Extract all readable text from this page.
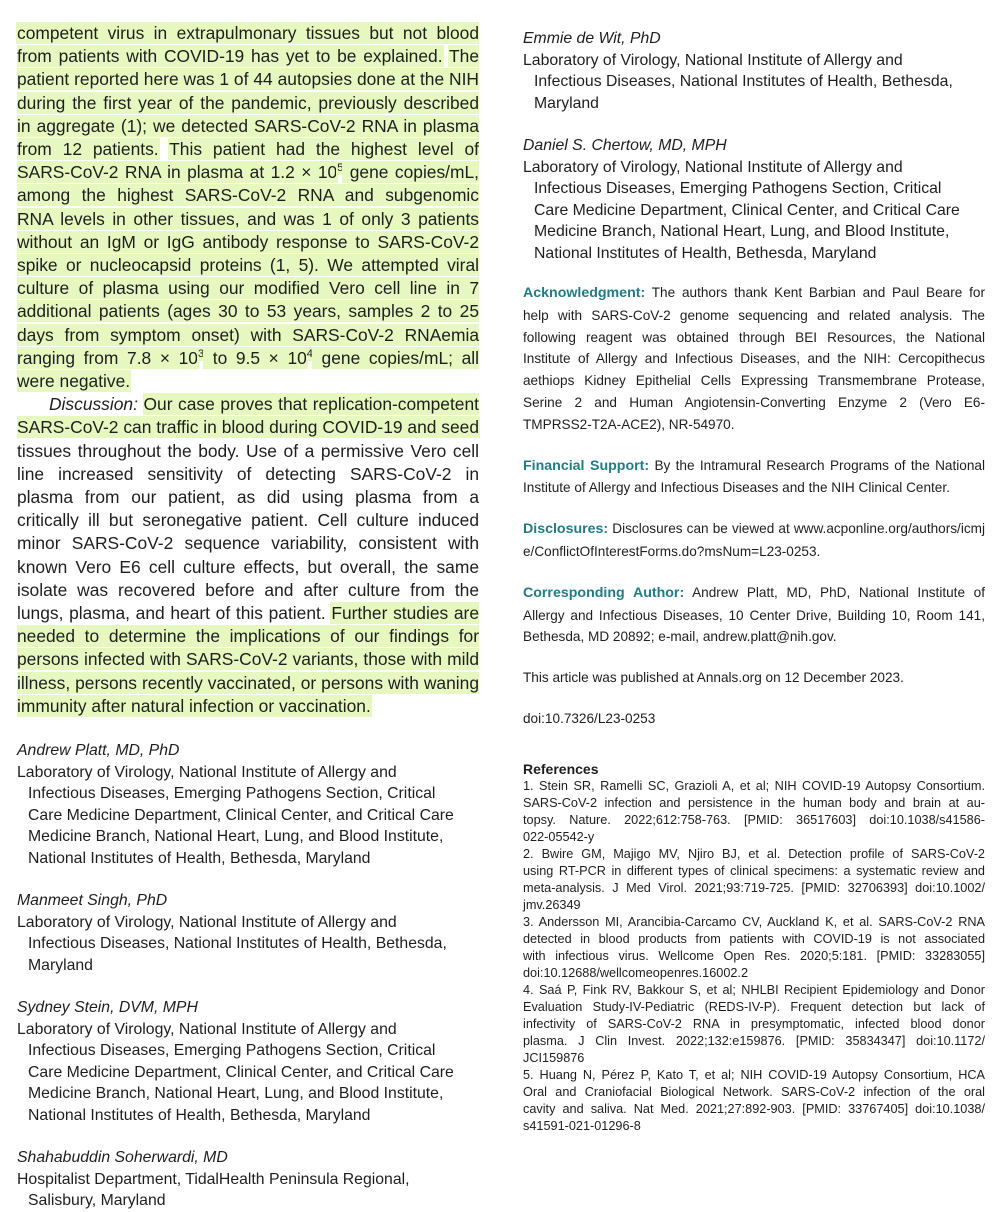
competent virus in extrapulmonary tissues but not blood from patients with COVID-19 has yet to be explained. The patient reported here was 1 of 44 autopsies done at the NIH during the first year of the pandemic, previously described in aggregate (1); we detected SARS-CoV-2 RNA in plasma from 12 patients. This patient had the highest level of SARS-CoV-2 RNA in plasma at $1.2 \times 10^5$ gene copies/mL, among the highest SARS-CoV-2 RNA and subgenomic RNA levels in other tissues, and was 1 of only 3 patients without an IgM or IgG antibody response to SARS-CoV-2 spike or nucleocapsid proteins (1, 5). We attempted viral culture of plasma using our modified Vero cell line in 7 additional patients (ages 30 to 53 years, samples 2 to 25 days from symptom onset) with SARS-CoV-2 RNAemia ranging from $7.8 \times 10^3$ to $9.5 \times 10^4$ gene copies/mL; all were negative.
Discussion: Our case proves that replication-competent SARS-CoV-2 can traffic in blood during COVID-19 and seed tissues throughout the body. Use of a permissive Vero cell line increased sensitivity of detecting SARS-CoV-2 in plasma from our patient, as did using plasma from a critically ill but seronegative patient. Cell culture induced minor SARS-CoV-2 sequence variability, consistent with known Vero E6 cell culture effects, but overall, the same isolate was recovered before and after culture from the lungs, plasma, and heart of this patient. Further studies are needed to determine the implications of our findings for persons infected with SARS-CoV-2 variants, those with mild illness, persons recently vaccinated, or persons with waning immunity after natural infection or vaccination.

Andrew Platt, MD, PhD
Laboratory of Virology, National Institute of Allergy and
Infectious Diseases, Emerging Pathogens Section, Critical
Care Medicine Department, Clinical Center, and Critical Care
Medicine Branch, National Heart, Lung, and Blood Institute,
National Institutes of Health, Bethesda, Maryland
Manmeet Singh, PhD
Laboratory of Virology, National Institute of Allergy and
Infectious Diseases, National Institutes of Health, Bethesda,
Maryland
Sydney Stein, DVM, MPH
Laboratory of Virology, National Institute of Allergy and
Infectious Diseases, Emerging Pathogens Section, Critical
Care Medicine Department, Clinical Center, and Critical Care
Medicine Branch, National Heart, Lung, and Blood Institute,
National Institutes of Health, Bethesda, Maryland
Shahabuddin Soherwardi, MD
Hospitalist Department, TidalHealth Peninsula Regional,
Salisbury, Maryland
Emmie de Wit, PhD
Laboratory of Virology, National Institute of Allergy and
Infectious Diseases, National Institutes of Health, Bethesda,
Maryland
Daniel S. Chertow, MD, MPH
Laboratory of Virology, National Institute of Allergy and
Infectious Diseases, Emerging Pathogens Section, Critical
Care Medicine Department, Clinical Center, and Critical Care
Medicine Branch, National Heart, Lung, and Blood Institute,
National Institutes of Health, Bethesda, Maryland
Acknowledgment: The authors thank Kent Barbian and Paul Beare for help with SARS-CoV-2 genome sequencing and related analysis. The following reagent was obtained through BEI Resources, the National Institute of Allergy and Infectious Diseases, and the NIH: Cercopithecus aethiops Kidney Epithelial Cells Expressing Transmembrane Protease, Serine 2 and Human Angiotensin-Converting Enzyme 2 (Vero E6-TMPRSS2-T2A-ACE2), NR-54970.
Financial Support: By the Intramural Research Programs of the National Institute of Allergy and Infectious Diseases and the NIH Clinical Center.
Disclosures: Disclosures can be viewed at www.acponline.org/authors/icmje/ConflictOfInterestForms.do?msNum=L23-0253.
Corresponding Author: Andrew Platt, MD, PhD, National Institute of Allergy and Infectious Diseases, 10 Center Drive, Building 10, Room 141, Bethesda, MD 20892; e-mail, andrew.platt@nih.gov.
This article was published at Annals.org on 12 December 2023.
doi:10.7326/L23-0253
References
1. Stein SR, Ramelli SC, Grazioli A, et al; NIH COVID-19 Autopsy Consortium.
SARS-CoV-2 infection and persistence in the human body and brain at au-
topsy. Nature. 2022;612:758-763. [PMID: 36517603] doi:10.1038/s41586-
022-05542-y
2. Bwire GM, Majigo MV, Njiro BJ, et al. Detection profile of SARS-CoV-2
using RT-PCR in different types of clinical specimens: a systematic review and
meta-analysis. J Med Virol. 2021;93:719-725. [PMID: 32706393] doi:10.1002/
jmv.26349
3. Andersson MI, Arancibia-Carcamo CV, Auckland K, et al. SARS-CoV-2 RNA
detected in blood products from patients with COVID-19 is not associated
with infectious virus. Wellcome Open Res. 2020;5:181. [PMID: 33283055]
doi:10.12688/wellcomeopenres.16002.2
4. Saá P, Fink RV, Bakkour S, et al; NHLBI Recipient Epidemiology and Donor
Evaluation Study-IV-Pediatric (REDS-IV-P). Frequent detection but lack of
infectivity of SARS-CoV-2 RNA in presymptomatic, infected blood donor
plasma. J Clin Invest. 2022;132:e159876. [PMID: 35834347] doi:10.1172/
JCI159876
5. Huang N, Pérez P, Kato T, et al; NIH COVID-19 Autopsy Consortium, HCA
Oral and Craniofacial Biological Network. SARS-CoV-2 infection of the oral
cavity and saliva. Nat Med. 2021;27:892-903. [PMID: 33767405] doi:10.1038/
s41591-021-01296-8
